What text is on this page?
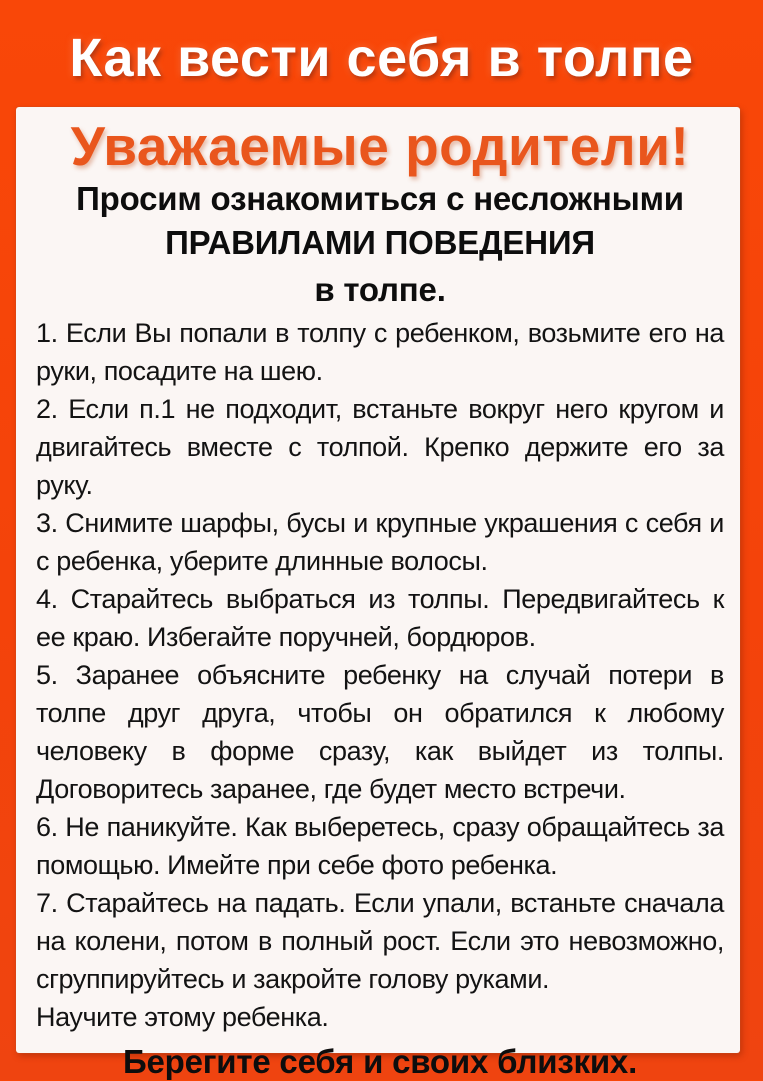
Как вести себя в толпе
Уважаемые родители!
Просим ознакомиться с несложными
ПРАВИЛАМИ ПОВЕДЕНИЯ
в толпе.

1. Если Вы попали в толпу с ребенком, возьмите его на руки, посадите на шею.

2. Если п.1 не подходит, встаньте вокруг него кругом и двигайтесь вместе с толпой. Крепко держите его за руку.

3. Снимите шарфы, бусы и крупные украшения с себя и с ребенка, уберите длинные волосы.

4. Старайтесь выбраться из толпы. Передвигайтесь к ее краю. Избегайте поручней, бордюров.

5. Заранее объясните ребенку на случай потери в толпе друг друга, чтобы он обратился к любому человеку в форме сразу, как выйдет из толпы. Договоритесь заранее, где будет место встречи.

6. Не паникуйте. Как выберетесь, сразу обращайтесь за помощью. Имейте при себе фото ребенка.

7. Старайтесь на падать. Если упали, встаньте сначала на колени, потом в полный рост. Если это невозможно, сгруппируйтесь и закройте голову руками.

Научите этому ребенка.

Берегите себя и своих близких.
